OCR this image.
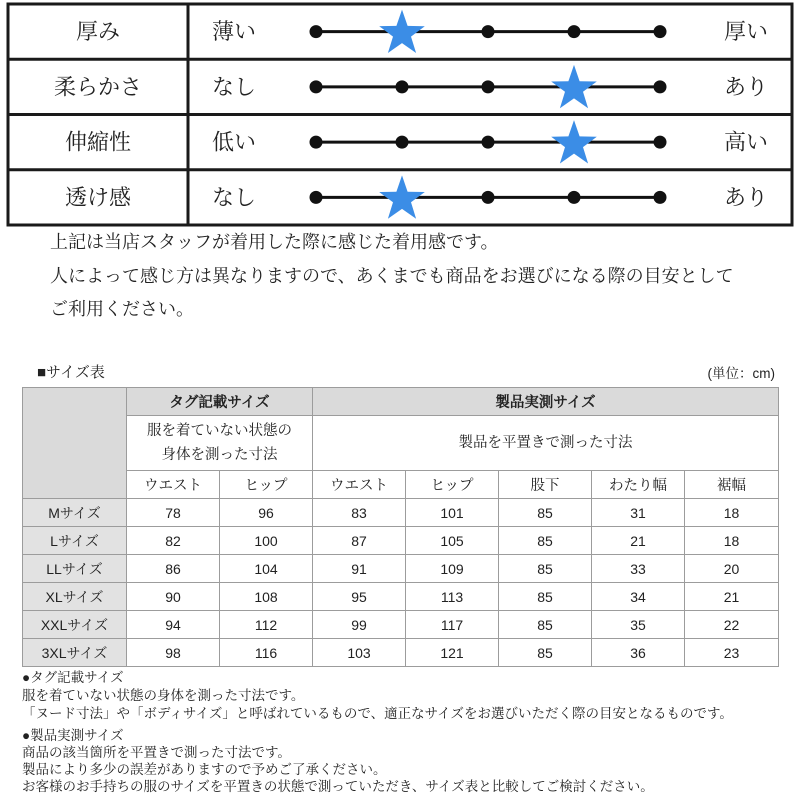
厚み	薄い	厚い
柔らかさ	なし	あり
伸縮性	低い	高い
透け感	なし	あり
上記は当店スタッフが着用した際に感じた着用感です。
人によって感じ方は異なりますので、あくまでも商品をお選びになる際の目安として
ご利用ください。
■サイズ表	(単位：cm)
	タグ記載サイズ		製品実測サイズ				

	服を着ていない状態の
身体を測った寸法		製品を平置きで測った寸法				
	ウエスト	ヒップ	ウエスト	ヒップ	股下	わたり幅	裾幅
Mサイズ	78	96	83	101	85	31	18
Lサイズ	82	100	87	105	85	21	18
LLサイズ	86	104	91	109	85	33	20
XLサイズ	90	108	95	113	85	34	21
XXLサイズ	94	112	99	117	85	35	22
3XLサイズ	98	116	103	121	85	36	23
●タグ記載サイズ
服を着ていない状態の身体を測った寸法です。
「ヌード寸法」や「ボディサイズ」と呼ばれているもので、適正なサイズをお選びいただく際の目安となるものです。
●製品実測サイズ
商品の該当箇所を平置きで測った寸法です。
製品により多少の誤差がありますので予めご了承ください。
お客様のお手持ちの服のサイズを平置きの状態で測っていただき、サイズ表と比較してご検討ください。
